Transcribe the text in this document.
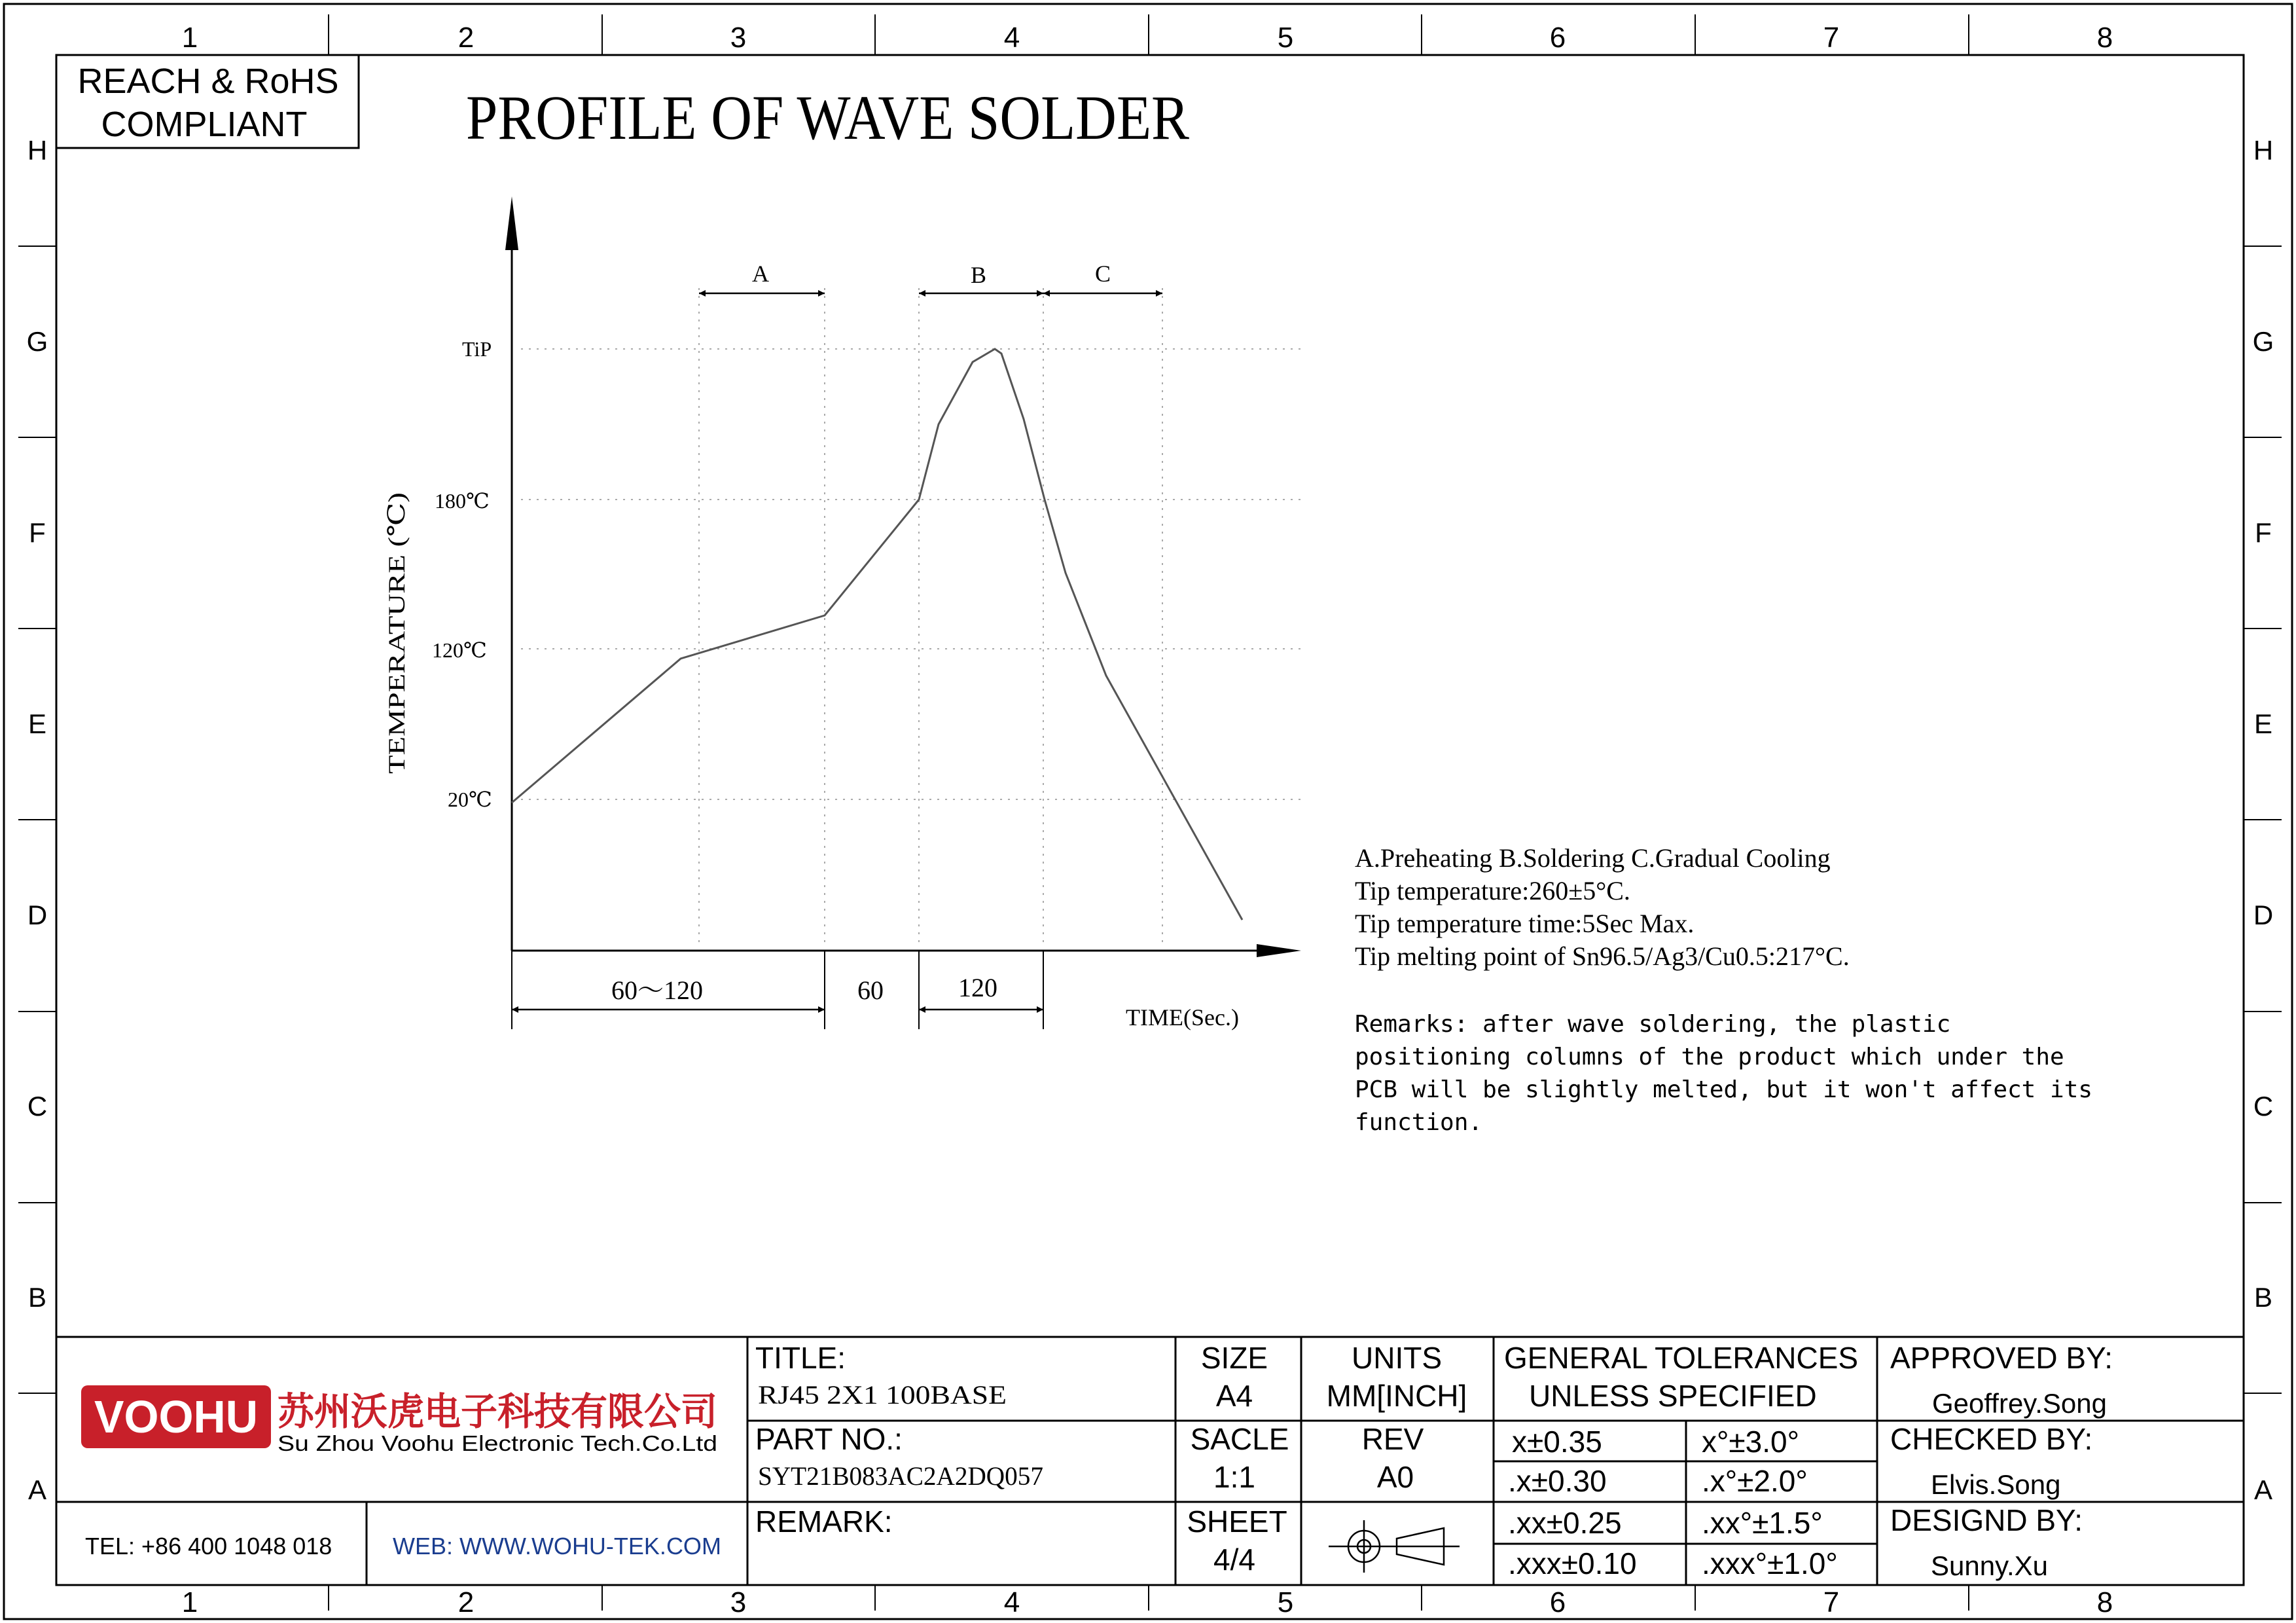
1	2	3	4	5	6	7	8
1	2	3	4	5	6	7	8
H
G
F
E
D
C
B
A
H
G
F
E
D
C
B
A
REACH & RoHS
COMPLIANT	PROFILE OF WAVE SOLDER
TiP
180℃
120℃
20℃
TEMPERATURE (℃)
A	B	C
60～120	60	120
TIME(Sec.)
A.Preheating B.Soldering C.Gradual Cooling
Tip temperature:260±5°C.
Tip temperature time:5Sec Max.
Tip melting point of Sn96.5/Ag3/Cu0.5:217°C.
Remarks: after wave soldering, the plastic
positioning columns of the product which under the
PCB will be slightly melted, but it won't affect its
function.
VOOHU 苏州沃虎电子科技有限公司
Su Zhou Voohu Electronic Tech.Co.Ltd
TEL: +86 400 1048 018	WEB: WWW.WOHU-TEK.COM
TITLE:
RJ45 2X1 100BASE
PART NO.:
SYT21B083AC2A2DQ057
REMARK:
SIZE
A4
SACLE
1:1
SHEET
4/4
UNITS
MM[INCH]
REV
A0
GENERAL TOLERANCES
UNLESS SPECIFIED
x±0.35	x°±3.0°
.x±0.30	.x°±2.0°
.xx±0.25	.xx°±1.5°
.xxx±0.10 .xxx°±1.0°
APPROVED BY:
Geoffrey.Song
CHECKED BY:
Elvis.Song
DESIGND BY:
Sunny.Xu
